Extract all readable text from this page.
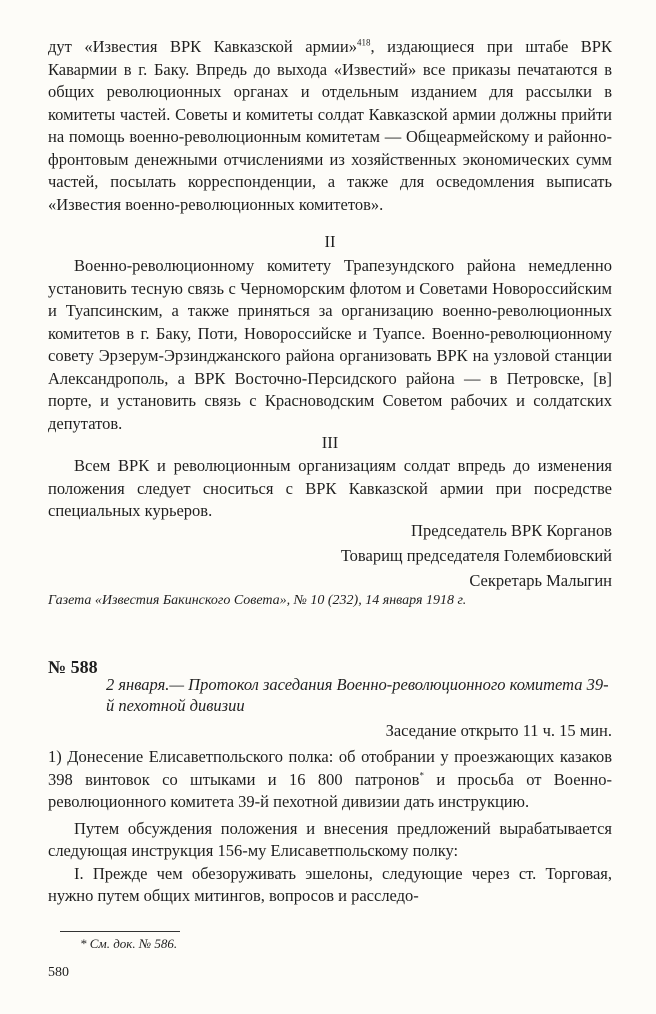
дут «Известия ВРК Кавказской армии»$^{418}$, издающиеся при штабе ВРК Кавармии в г. Баку. Впредь до выхода «Известий» все приказы печатаются в общих революционных органах и отдельным изданием для рассылки в комитеты частей. Советы и комитеты солдат Кавказской армии должны прийти на помощь военно-революционным комитетам — Общеармейскому и районно-фронтовым денежными отчислениями из хозяйственных экономических сумм частей, посылать корреспонденции, а также для осведомления выписать «Известия военно-революционных комитетов».

II

Военно-революционному комитету Трапезундского района немедленно установить тесную связь с Черноморским флотом и Советами Новороссийским и Туапсинским, а также приняться за организацию военно-революционных комитетов в г. Баку, Поти, Новороссийске и Туапсе. Военно-революционному совету Эрзерум-Эрзинджанского района организовать ВРК на узловой станции Александрополь, а ВРК Восточно-Персидского района — в Петровске, [в] порте, и установить связь с Красноводским Советом рабочих и солдатских депутатов.

III

Всем ВРК и революционным организациям солдат впредь до изменения положения следует сноситься с ВРК Кавказской армии при посредстве специальных курьеров.

Председатель ВРК Корганов
Товарищ председателя Голембиовский
Секретарь Малыгин
Газета «Известия Бакинского Совета», № 10 (232), 14 января 1918 г.
№ 588
2 января.— Протокол заседания Военно-революционного комитета 39-й пехотной дивизии
Заседание открыто 11 ч. 15 мин.

1) Донесение Елисаветпольского полка: об отобрании у проезжающих казаков 398 винтовок со штыками и 16 800 патронов* и просьба от Военно-революционного комитета 39-й пехотной дивизии дать инструкцию.

Путем обсуждения положения и внесения предложений вырабатывается следующая инструкция 156-му Елисаветпольскому полку:

I. Прежде чем обезоруживать эшелоны, следующие через ст. Торговая, нужно путем общих митингов, вопросов и расследо-

* См. док. № 586.
580
